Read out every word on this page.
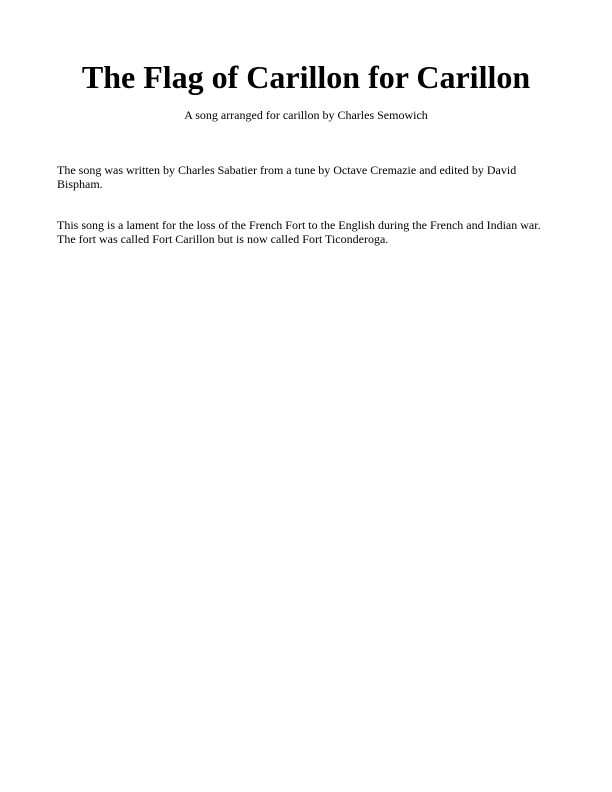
The Flag of Carillon for Carillon

A song arranged for carillon by Charles Semowich

The song was written by Charles Sabatier from a tune by Octave Cremazie and edited by David Bispham.

This song is a lament for the loss of the French Fort to the English during the French and Indian war. The fort was called Fort Carillon but is now called Fort Ticonderoga.
